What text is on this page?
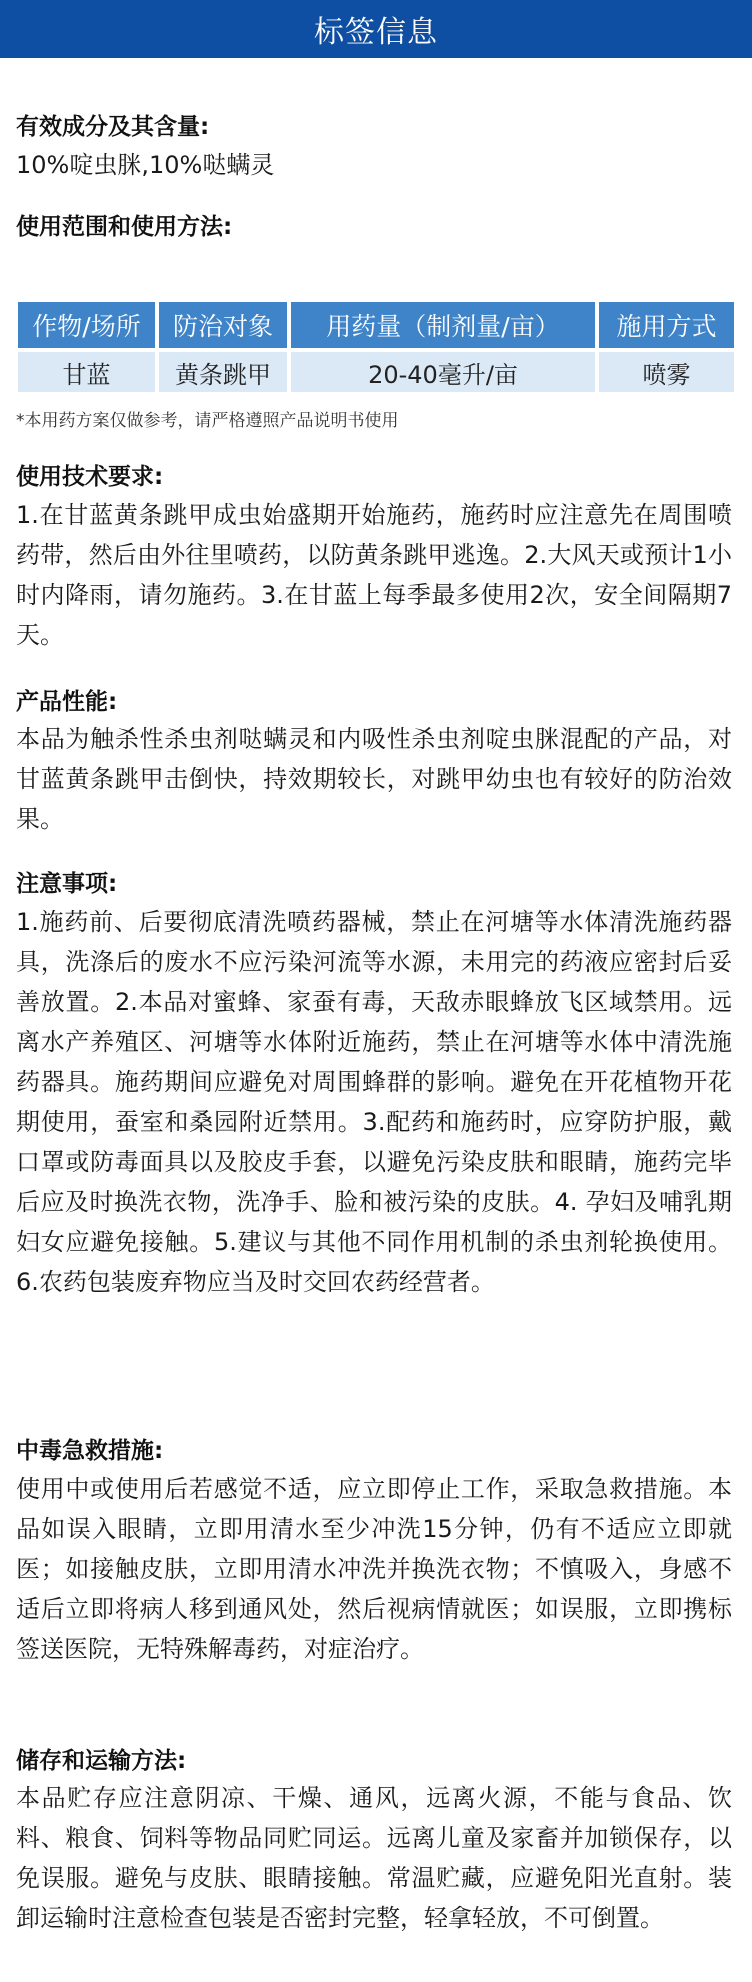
标签信息
有效成分及其含量:
10%啶虫脒,10%哒螨灵
使用范围和使用方法:
作物/场所	防治对象	用药量（制剂量/亩）	施用方式
甘蓝	黄条跳甲	20-40毫升/亩	喷雾
*本用药方案仅做参考，请严格遵照产品说明书使用
使用技术要求:
1.在甘蓝黄条跳甲成虫始盛期开始施药，施药时应注意先在周围喷药带，然后由外往里喷药，以防黄条跳甲逃逸。2.大风天或预计1小时内降雨，请勿施药。3.在甘蓝上每季最多使用2次，安全间隔期7天。
产品性能:
本品为触杀性杀虫剂哒螨灵和内吸性杀虫剂啶虫脒混配的产品，对甘蓝黄条跳甲击倒快，持效期较长，对跳甲幼虫也有较好的防治效果。
注意事项:
1.施药前、后要彻底清洗喷药器械，禁止在河塘等水体清洗施药器具，洗涤后的废水不应污染河流等水源，未用完的药液应密封后妥善放置。2.本品对蜜蜂、家蚕有毒，天敌赤眼蜂放飞区域禁用。远离水产养殖区、河塘等水体附近施药，禁止在河塘等水体中清洗施药器具。施药期间应避免对周围蜂群的影响。避免在开花植物开花期使用，蚕室和桑园附近禁用。3.配药和施药时，应穿防护服，戴口罩或防毒面具以及胶皮手套，以避免污染皮肤和眼睛，施药完毕后应及时换洗衣物，洗净手、脸和被污染的皮肤。4. 孕妇及哺乳期妇女应避免接触。5.建议与其他不同作用机制的杀虫剂轮换使用。6.农药包装废弃物应当及时交回农药经营者。
中毒急救措施:
使用中或使用后若感觉不适，应立即停止工作，采取急救措施。本品如误入眼睛，立即用清水至少冲洗15分钟，仍有不适应立即就医；如接触皮肤，立即用清水冲洗并换洗衣物；不慎吸入，身感不适后立即将病人移到通风处，然后视病情就医；如误服，立即携标签送医院，无特殊解毒药，对症治疗。
储存和运输方法:
本品贮存应注意阴凉、干燥、通风，远离火源，不能与食品、饮料、粮食、饲料等物品同贮同运。远离儿童及家畜并加锁保存，以免误服。避免与皮肤、眼睛接触。常温贮藏，应避免阳光直射。装卸运输时注意检查包装是否密封完整，轻拿轻放，不可倒置。
